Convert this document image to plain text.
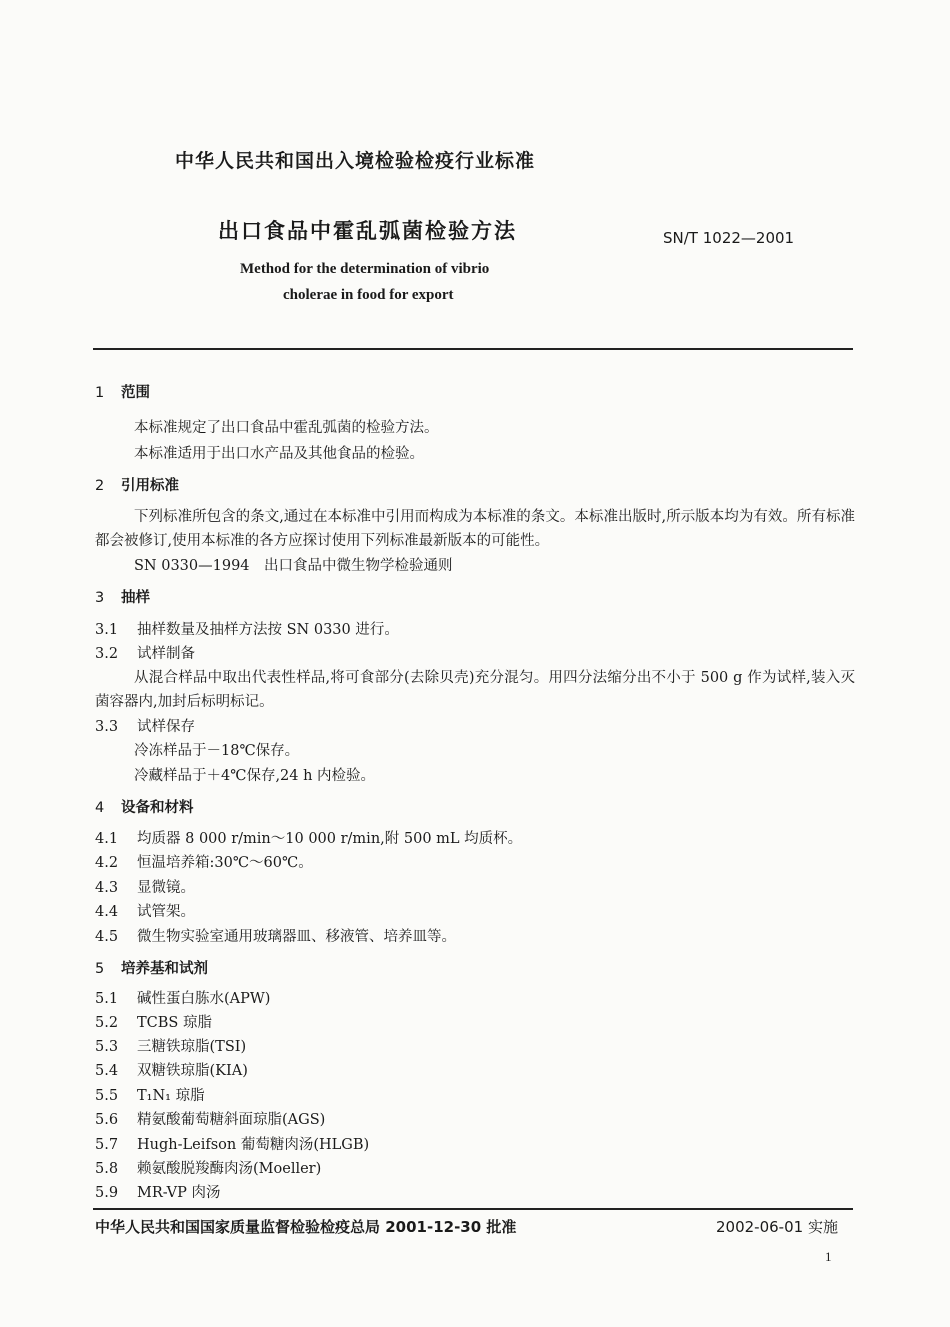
中华人民共和国出入境检验检疫行业标准
出口食品中霍乱弧菌检验方法	SN/T 1022—2001
Method for the determination of vibrio
cholerae in food for export
1 范围
本标准规定了出口食品中霍乱弧菌的检验方法。
本标准适用于出口水产品及其他食品的检验。
2 引用标准
下列标准所包含的条文,通过在本标准中引用而构成为本标准的条文。本标准出版时,所示版本均为有效。所有标准都会被修订,使用本标准的各方应探讨使用下列标准最新版本的可能性。
SN 0330—1994　出口食品中微生物学检验通则
3 抽样
3.1 抽样数量及抽样方法按 SN 0330 进行。
3.2 试样制备
从混合样品中取出代表性样品,将可食部分(去除贝壳)充分混匀。用四分法缩分出不小于 500 g 作为试样,装入灭菌容器内,加封后标明标记。
3.3 试样保存
冷冻样品于－18℃保存。
冷藏样品于＋4℃保存,24 h 内检验。
4 设备和材料
4.1 均质器 8 000 r/min～10 000 r/min,附 500 mL 均质杯。
4.2 恒温培养箱:30℃～60℃。
4.3 显微镜。
4.4 试管架。
4.5 微生物实验室通用玻璃器皿、移液管、培养皿等。
5 培养基和试剂
5.1 碱性蛋白胨水(APW)
5.2 TCBS 琼脂
5.3 三糖铁琼脂(TSI)
5.4 双糖铁琼脂(KIA)
5.5 T₁N₁ 琼脂
5.6 精氨酸葡萄糖斜面琼脂(AGS)
5.7 Hugh-Leifson 葡萄糖肉汤(HLGB)
5.8 赖氨酸脱羧酶肉汤(Moeller)
5.9 MR-VP 肉汤
中华人民共和国国家质量监督检验检疫总局 2001-12-30 批准	2002-06-01 实施
1
